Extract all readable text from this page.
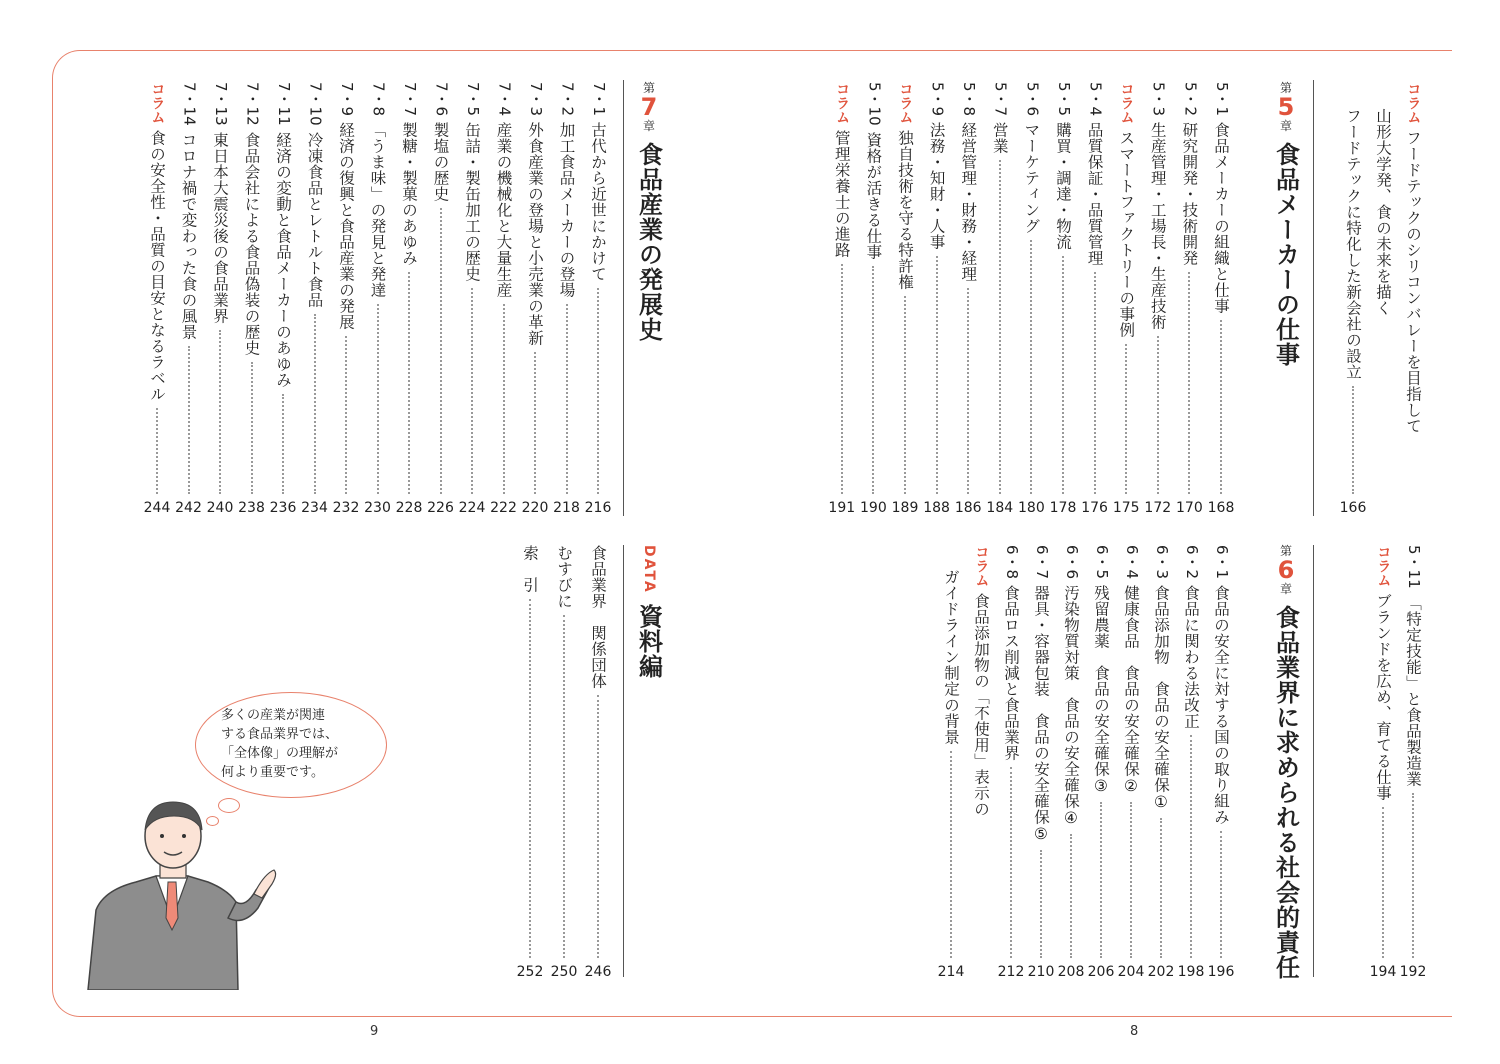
9	8
第
5
章
食品メーカーの仕事
第
6
章
食品業界に求められる社会的責任
第
7
章
食品産業の発展史
DATA
資料編
コラム
フードテックのシリコンバレーを目指して
山形大学発、食の未来を描く
フードテックに特化した新会社の設立
166
5・1
食品メーカーの組織と仕事
168
5・2
研究開発・技術開発
170
5・3
生産管理・工場長・生産技術
172
コラム
スマートファクトリーの事例
175
5・4
品質保証・品質管理
176
5・5
購買・調達・物流
178
5・6
マーケティング
180
5・7
営業
184
5・8
経営管理・財務・経理
186
5・9
法務・知財・人事
188
コラム
独自技術を守る特許権
189
5・10
資格が活きる仕事
190
コラム
管理栄養士の進路
191
5・11
「特定技能」と食品製造業
192
コラム
ブランドを広め、育てる仕事
194
6・1
食品の安全に対する国の取り組み
196
6・2
食品に関わる法改正
198
6・3
食品添加物　食品の安全確保①
202
6・4
健康食品　食品の安全確保②
204
6・5
残留農薬　食品の安全確保③
206
6・6
汚染物質対策　食品の安全確保④
208
6・7
器具・容器包装　食品の安全確保⑤
210
6・8
食品ロス削減と食品業界
212
コラム
食品添加物の「不使用」表示の
ガイドライン制定の背景
214
7・1
古代から近世にかけて
216
7・2
加工食品メーカーの登場
218
7・3
外食産業の登場と小売業の革新
220
7・4
産業の機械化と大量生産
222
7・5
缶詰・製缶加工の歴史
224
7・6
製塩の歴史
226
7・7
製糖・製菓のあゆみ
228
7・8
「うま味」の発見と発達
230
7・9
経済の復興と食品産業の発展
232
7・10
冷凍食品とレトルト食品
234
7・11
経済の変動と食品メーカーのあゆみ
236
7・12
食品会社による食品偽装の歴史
238
7・13
東日本大震災後の食品業界
240
7・14
コロナ禍で変わった食の風景
242
コラム
食の安全性・品質の目安となるラベル
244
食品業界　関係団体
246
むすびに
250
索　引
252

多くの産業が関連
する食品業界では、
「全体像」の理解が
何より重要です。
